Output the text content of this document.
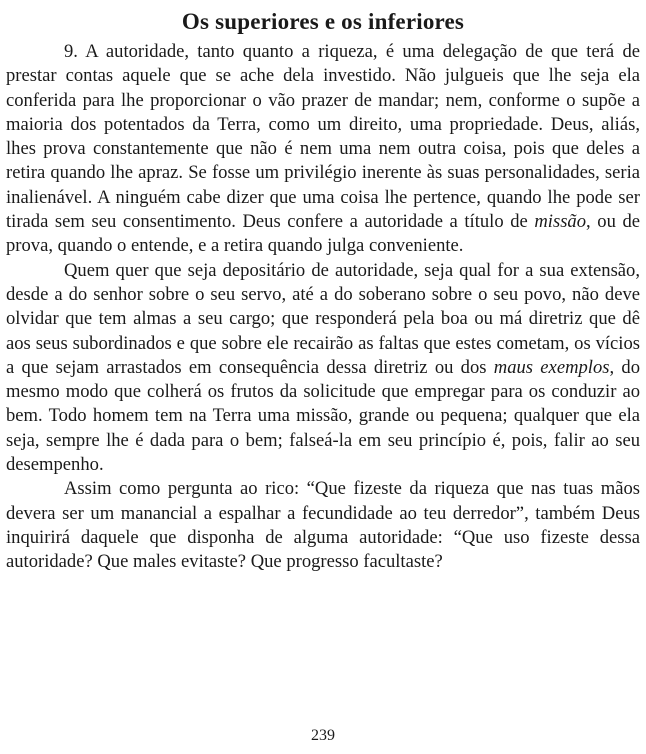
Os superiores e os inferiores

9. A autoridade, tanto quanto a riqueza, é uma delegação de que terá de prestar contas aquele que se ache dela investido. Não julgueis que lhe seja ela conferida para lhe proporcionar o vão prazer de mandar; nem, conforme o supõe a maioria dos potentados da Terra, como um direito, uma propriedade. Deus, aliás, lhes prova constantemente que não é nem uma nem outra coisa, pois que deles a retira quando lhe apraz. Se fosse um privilégio inerente às suas personalidades, seria inalienável. A ninguém cabe dizer que uma coisa lhe pertence, quando lhe pode ser tirada sem seu consentimento. Deus confere a autoridade a título de missão, ou de prova, quando o entende, e a retira quando julga conveniente.

Quem quer que seja depositário de autoridade, seja qual for a sua extensão, desde a do senhor sobre o seu servo, até a do soberano sobre o seu povo, não deve olvidar que tem almas a seu cargo; que responderá pela boa ou má diretriz que dê aos seus subordinados e que sobre ele recairão as faltas que estes cometam, os vícios a que sejam arrastados em consequência dessa diretriz ou dos maus exemplos, do mesmo modo que colherá os frutos da solicitude que empregar para os conduzir ao bem. Todo homem tem na Terra uma missão, grande ou pequena; qualquer que ela seja, sempre lhe é dada para o bem; falseá-la em seu princípio é, pois, falir ao seu desempenho.

Assim como pergunta ao rico: “Que fizeste da riqueza que nas tuas mãos devera ser um manancial a espalhar a fecundidade ao teu derredor”, também Deus inquirirá daquele que disponha de alguma autoridade: “Que uso fizeste dessa autoridade? Que males evitaste? Que progresso facultaste?

239
